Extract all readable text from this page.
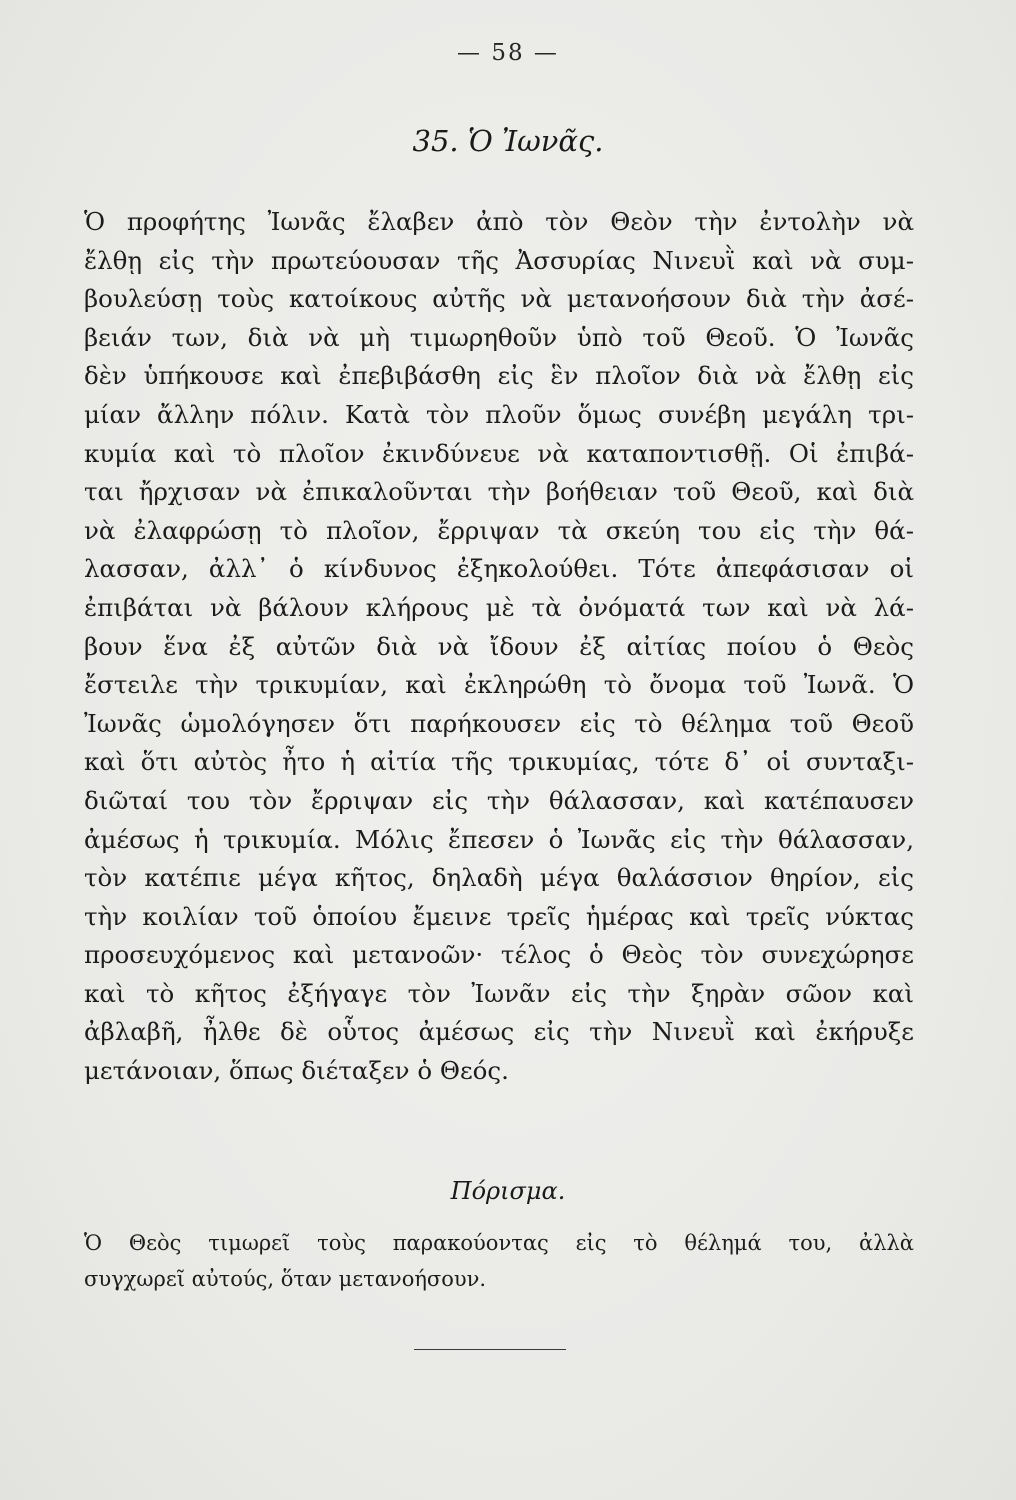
— 58 —
35. Ὁ Ἰωνᾶς.
Ὁ προφήτης Ἰωνᾶς ἔλαβεν ἀπὸ τὸν Θεὸν τὴν ἐντολὴν νὰ
ἔλθῃ εἰς τὴν πρωτεύουσαν τῆς Ἀσσυρίας Νινευῒ καὶ νὰ συμ-
βουλεύσῃ τοὺς κατοίκους αὐτῆς νὰ μετανοήσουν διὰ τὴν ἀσέ-
βειάν των, διὰ νὰ μὴ τιμωρηθοῦν ὑπὸ τοῦ Θεοῦ. Ὁ Ἰωνᾶς
δὲν ὑπήκουσε καὶ ἐπεβιβάσθη εἰς ἓν πλοῖον διὰ νὰ ἔλθῃ εἰς
μίαν ἄλλην πόλιν. Κατὰ τὸν πλοῦν ὅμως συνέβη μεγάλη τρι-
κυμία καὶ τὸ πλοῖον ἐκινδύνευε νὰ καταποντισθῇ. Οἱ ἐπιβά-
ται ἤρχισαν νὰ ἐπικαλοῦνται τὴν βοήθειαν τοῦ Θεοῦ, καὶ διὰ
νὰ ἐλαφρώσῃ τὸ πλοῖον, ἔρριψαν τὰ σκεύη του εἰς τὴν θά-
λασσαν, ἀλλ᾽ ὁ κίνδυνος ἐξηκολούθει. Τότε ἀπεφάσισαν οἱ
ἐπιβάται νὰ βάλουν κλήρους μὲ τὰ ὀνόματά των καὶ νὰ λά-
βουν ἕνα ἐξ αὐτῶν διὰ νὰ ἴδουν ἐξ αἰτίας ποίου ὁ Θεὸς
ἔστειλε τὴν τρικυμίαν, καὶ ἐκληρώθη τὸ ὄνομα τοῦ Ἰωνᾶ. Ὁ
Ἰωνᾶς ὡμολόγησεν ὅτι παρήκουσεν εἰς τὸ θέλημα τοῦ Θεοῦ
καὶ ὅτι αὐτὸς ἦτο ἡ αἰτία τῆς τρικυμίας, τότε δ᾽ οἱ συνταξι-
διῶταί του τὸν ἔρριψαν εἰς τὴν θάλασσαν, καὶ κατέπαυσεν
ἀμέσως ἡ τρικυμία. Μόλις ἔπεσεν ὁ Ἰωνᾶς εἰς τὴν θάλασσαν,
τὸν κατέπιε μέγα κῆτος, δηλαδὴ μέγα θαλάσσιον θηρίον, εἰς
τὴν κοιλίαν τοῦ ὁποίου ἔμεινε τρεῖς ἡμέρας καὶ τρεῖς νύκτας
προσευχόμενος καὶ μετανοῶν· τέλος ὁ Θεὸς τὸν συνεχώρησε
καὶ τὸ κῆτος ἐξήγαγε τὸν Ἰωνᾶν εἰς τὴν ξηρὰν σῶον καὶ
ἀβλαβῆ, ἦλθε δὲ οὗτος ἀμέσως εἰς τὴν Νινευῒ καὶ ἐκήρυξε
μετάνοιαν, ὅπως διέταξεν ὁ Θεός.
Πόρισμα.
Ὁ Θεὸς τιμωρεῖ τοὺς παρακούοντας εἰς τὸ θέλημά του, ἀλλὰ
συγχωρεῖ αὐτούς, ὅταν μετανοήσουν.
